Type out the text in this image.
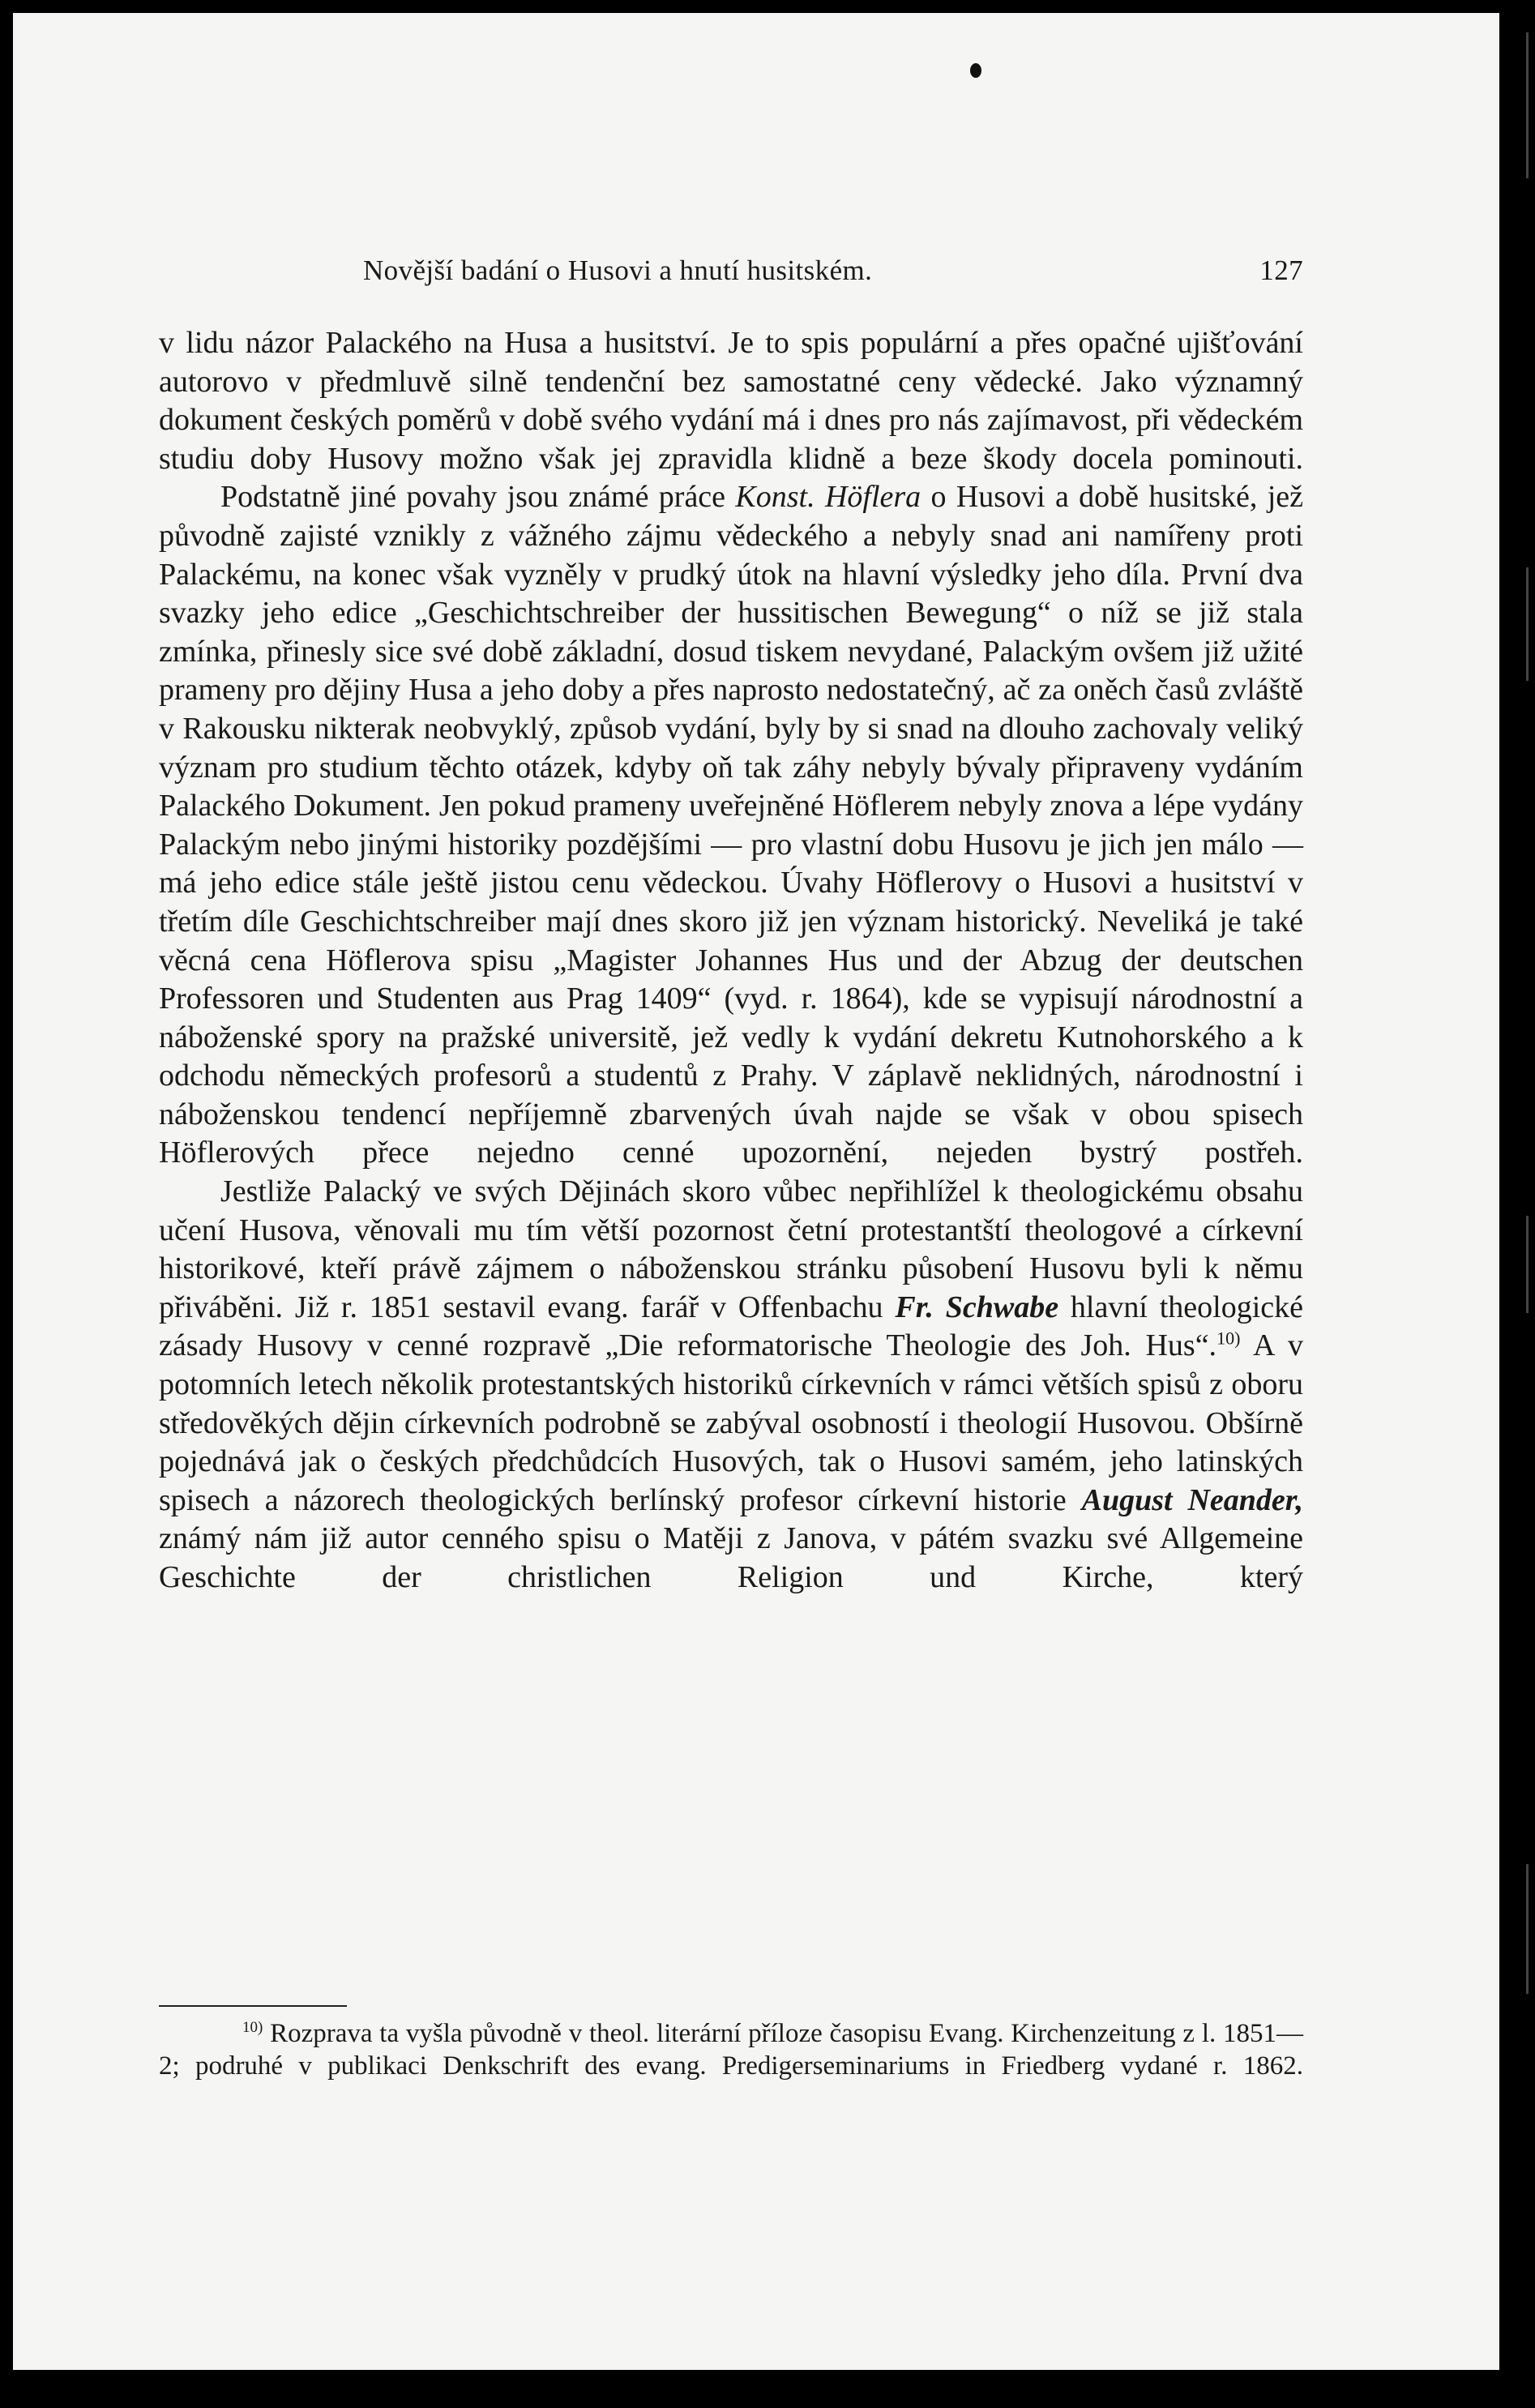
Novější badání o Husovi a hnutí husitském.	127

v lidu názor Palackého na Husa a husitství. Je to spis populární a přes opačné ujišťování autorovo v předmluvě silně tendenční bez samostatné ceny vědecké. Jako významný dokument českých poměrů v době svého vydání má i dnes pro nás zajímavost, při vědeckém studiu doby Husovy možno však jej zpravidla klidně a beze škody docela pominouti.

Podstatně jiné povahy jsou známé práce Konst. Höflera o Husovi a době husitské, jež původně zajisté vznikly z vážného zájmu vědeckého a nebyly snad ani namířeny proti Palackému, na konec však vyzněly v prudký útok na hlavní výsledky jeho díla. První dva svazky jeho edice „Geschichtschreiber der hussitischen Bewegung“ o níž se již stala zmínka, přinesly sice své době základní, dosud tiskem nevydané, Palackým ovšem již užité prameny pro dějiny Husa a jeho doby a přes naprosto nedostatečný, ač za oněch časů zvláště v Rakousku nikterak neobvyklý, způsob vydání, byly by si snad na dlouho zachovaly veliký význam pro studium těchto otázek, kdyby oň tak záhy nebyly bývaly připraveny vydáním Palackého Dokument. Jen pokud prameny uveřejněné Höflerem nebyly znova a lépe vydány Palackým nebo jinými historiky pozdějšími — pro vlastní dobu Husovu je jich jen málo — má jeho edice stále ještě jistou cenu vědeckou. Úvahy Höflerovy o Husovi a husitství v třetím díle Geschichtschreiber mají dnes skoro již jen význam historický. Neveliká je také věcná cena Höflerova spisu „Magister Johannes Hus und der Abzug der deutschen Professoren und Studenten aus Prag 1409“ (vyd. r. 1864), kde se vypisují národnostní a náboženské spory na pražské universitě, jež vedly k vydání dekretu Kutnohorského a k odchodu německých profesorů a studentů z Prahy. V záplavě neklidných, národnostní i náboženskou tendencí nepříjemně zbarvených úvah najde se však v obou spisech Höflerových přece nejedno cenné upozornění, nejeden bystrý postřeh.

Jestliže Palacký ve svých Dějinách skoro vůbec nepřihlížel k theologickému obsahu učení Husova, věnovali mu tím větší pozornost četní protestantští theologové a církevní historikové, kteří právě zájmem o náboženskou stránku působení Husovu byli k němu přiváběni. Již r. 1851 sestavil evang. farář v Offenbachu Fr. Schwabe hlavní theologické zásady Husovy v cenné rozpravě „Die reformatorische Theologie des Joh. Hus“.$^{10)}$ A v potomních letech několik protestantských historiků církevních v rámci větších spisů z oboru středověkých dějin církevních podrobně se zabýval osobností i theologií Husovou. Obšírně pojednává jak o českých předchůdcích Husových, tak o Husovi samém, jeho latinských spisech a názorech theologických berlínský profesor církevní historie August Neander, známý nám již autor cenného spisu o Matěji z Janova, v pátém svazku své Allgemeine Geschichte der christlichen Religion und Kirche, který

$^{10)}$ Rozprava ta vyšla původně v theol. literární příloze časopisu Evang. Kirchenzeitung z l. 1851—2; podruhé v publikaci Denkschrift des evang. Predigerseminariums in Friedberg vydané r. 1862.
